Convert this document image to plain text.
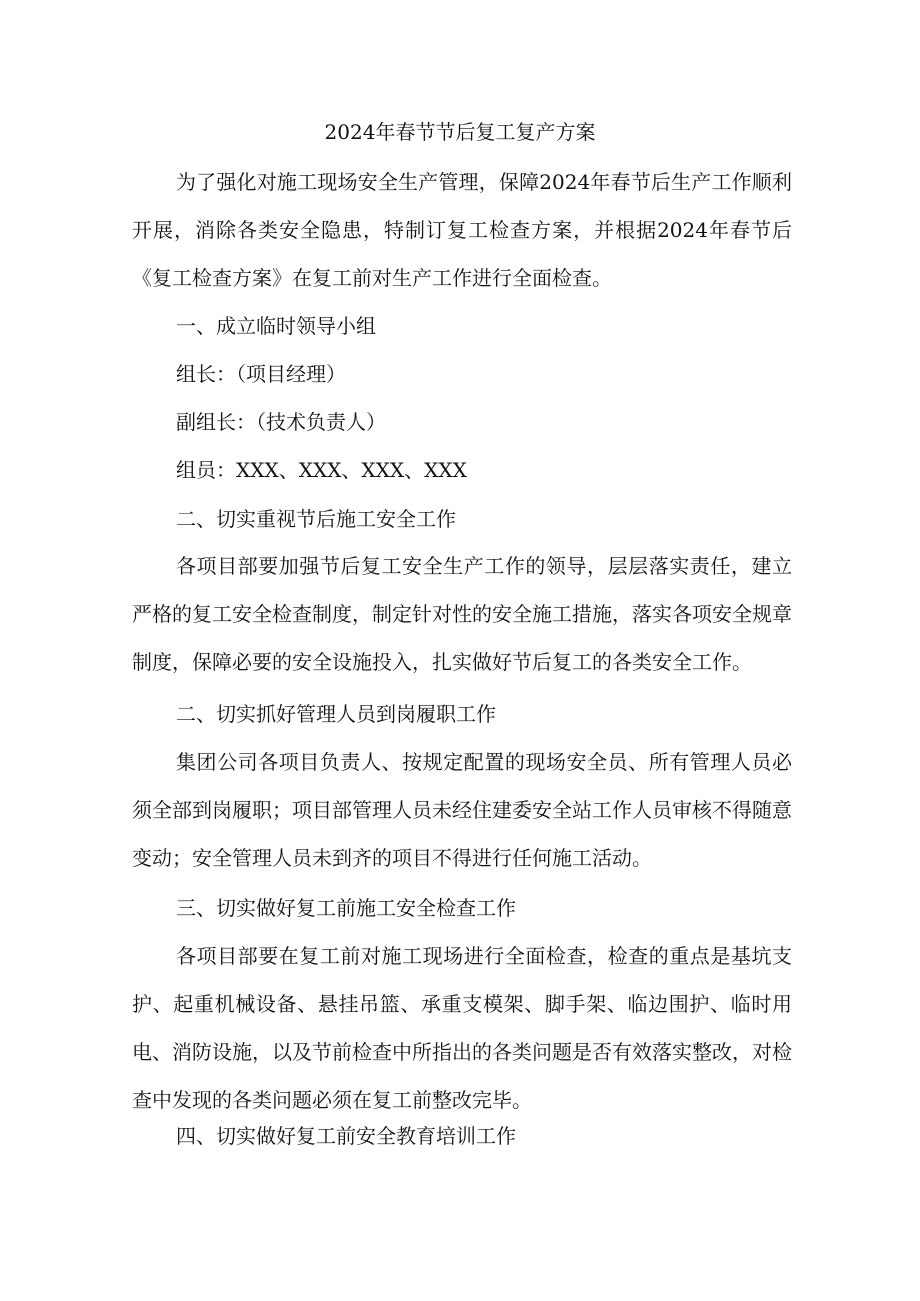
2024年春节节后复工复产方案
为了强化对施工现场安全生产管理，保障2024年春节后生产工作顺利开展，消除各类安全隐患，特制订复工检查方案，并根据2024年春节后《复工检查方案》在复工前对生产工作进行全面检查。
一、成立临时领导小组
组长：（项目经理）
副组长：（技术负责人）
组员：XXX、XXX、XXX、XXX
二、切实重视节后施工安全工作
各项目部要加强节后复工安全生产工作的领导，层层落实责任，建立严格的复工安全检查制度，制定针对性的安全施工措施，落实各项安全规章制度，保障必要的安全设施投入，扎实做好节后复工的各类安全工作。
二、切实抓好管理人员到岗履职工作
集团公司各项目负责人、按规定配置的现场安全员、所有管理人员必须全部到岗履职；项目部管理人员未经住建委安全站工作人员审核不得随意变动；安全管理人员未到齐的项目不得进行任何施工活动。
三、切实做好复工前施工安全检查工作
各项目部要在复工前对施工现场进行全面检查，检查的重点是基坑支护、起重机械设备、悬挂吊篮、承重支模架、脚手架、临边围护、临时用电、消防设施，以及节前检查中所指出的各类问题是否有效落实整改，对检查中发现的各类问题必须在复工前整改完毕。
四、切实做好复工前安全教育培训工作
